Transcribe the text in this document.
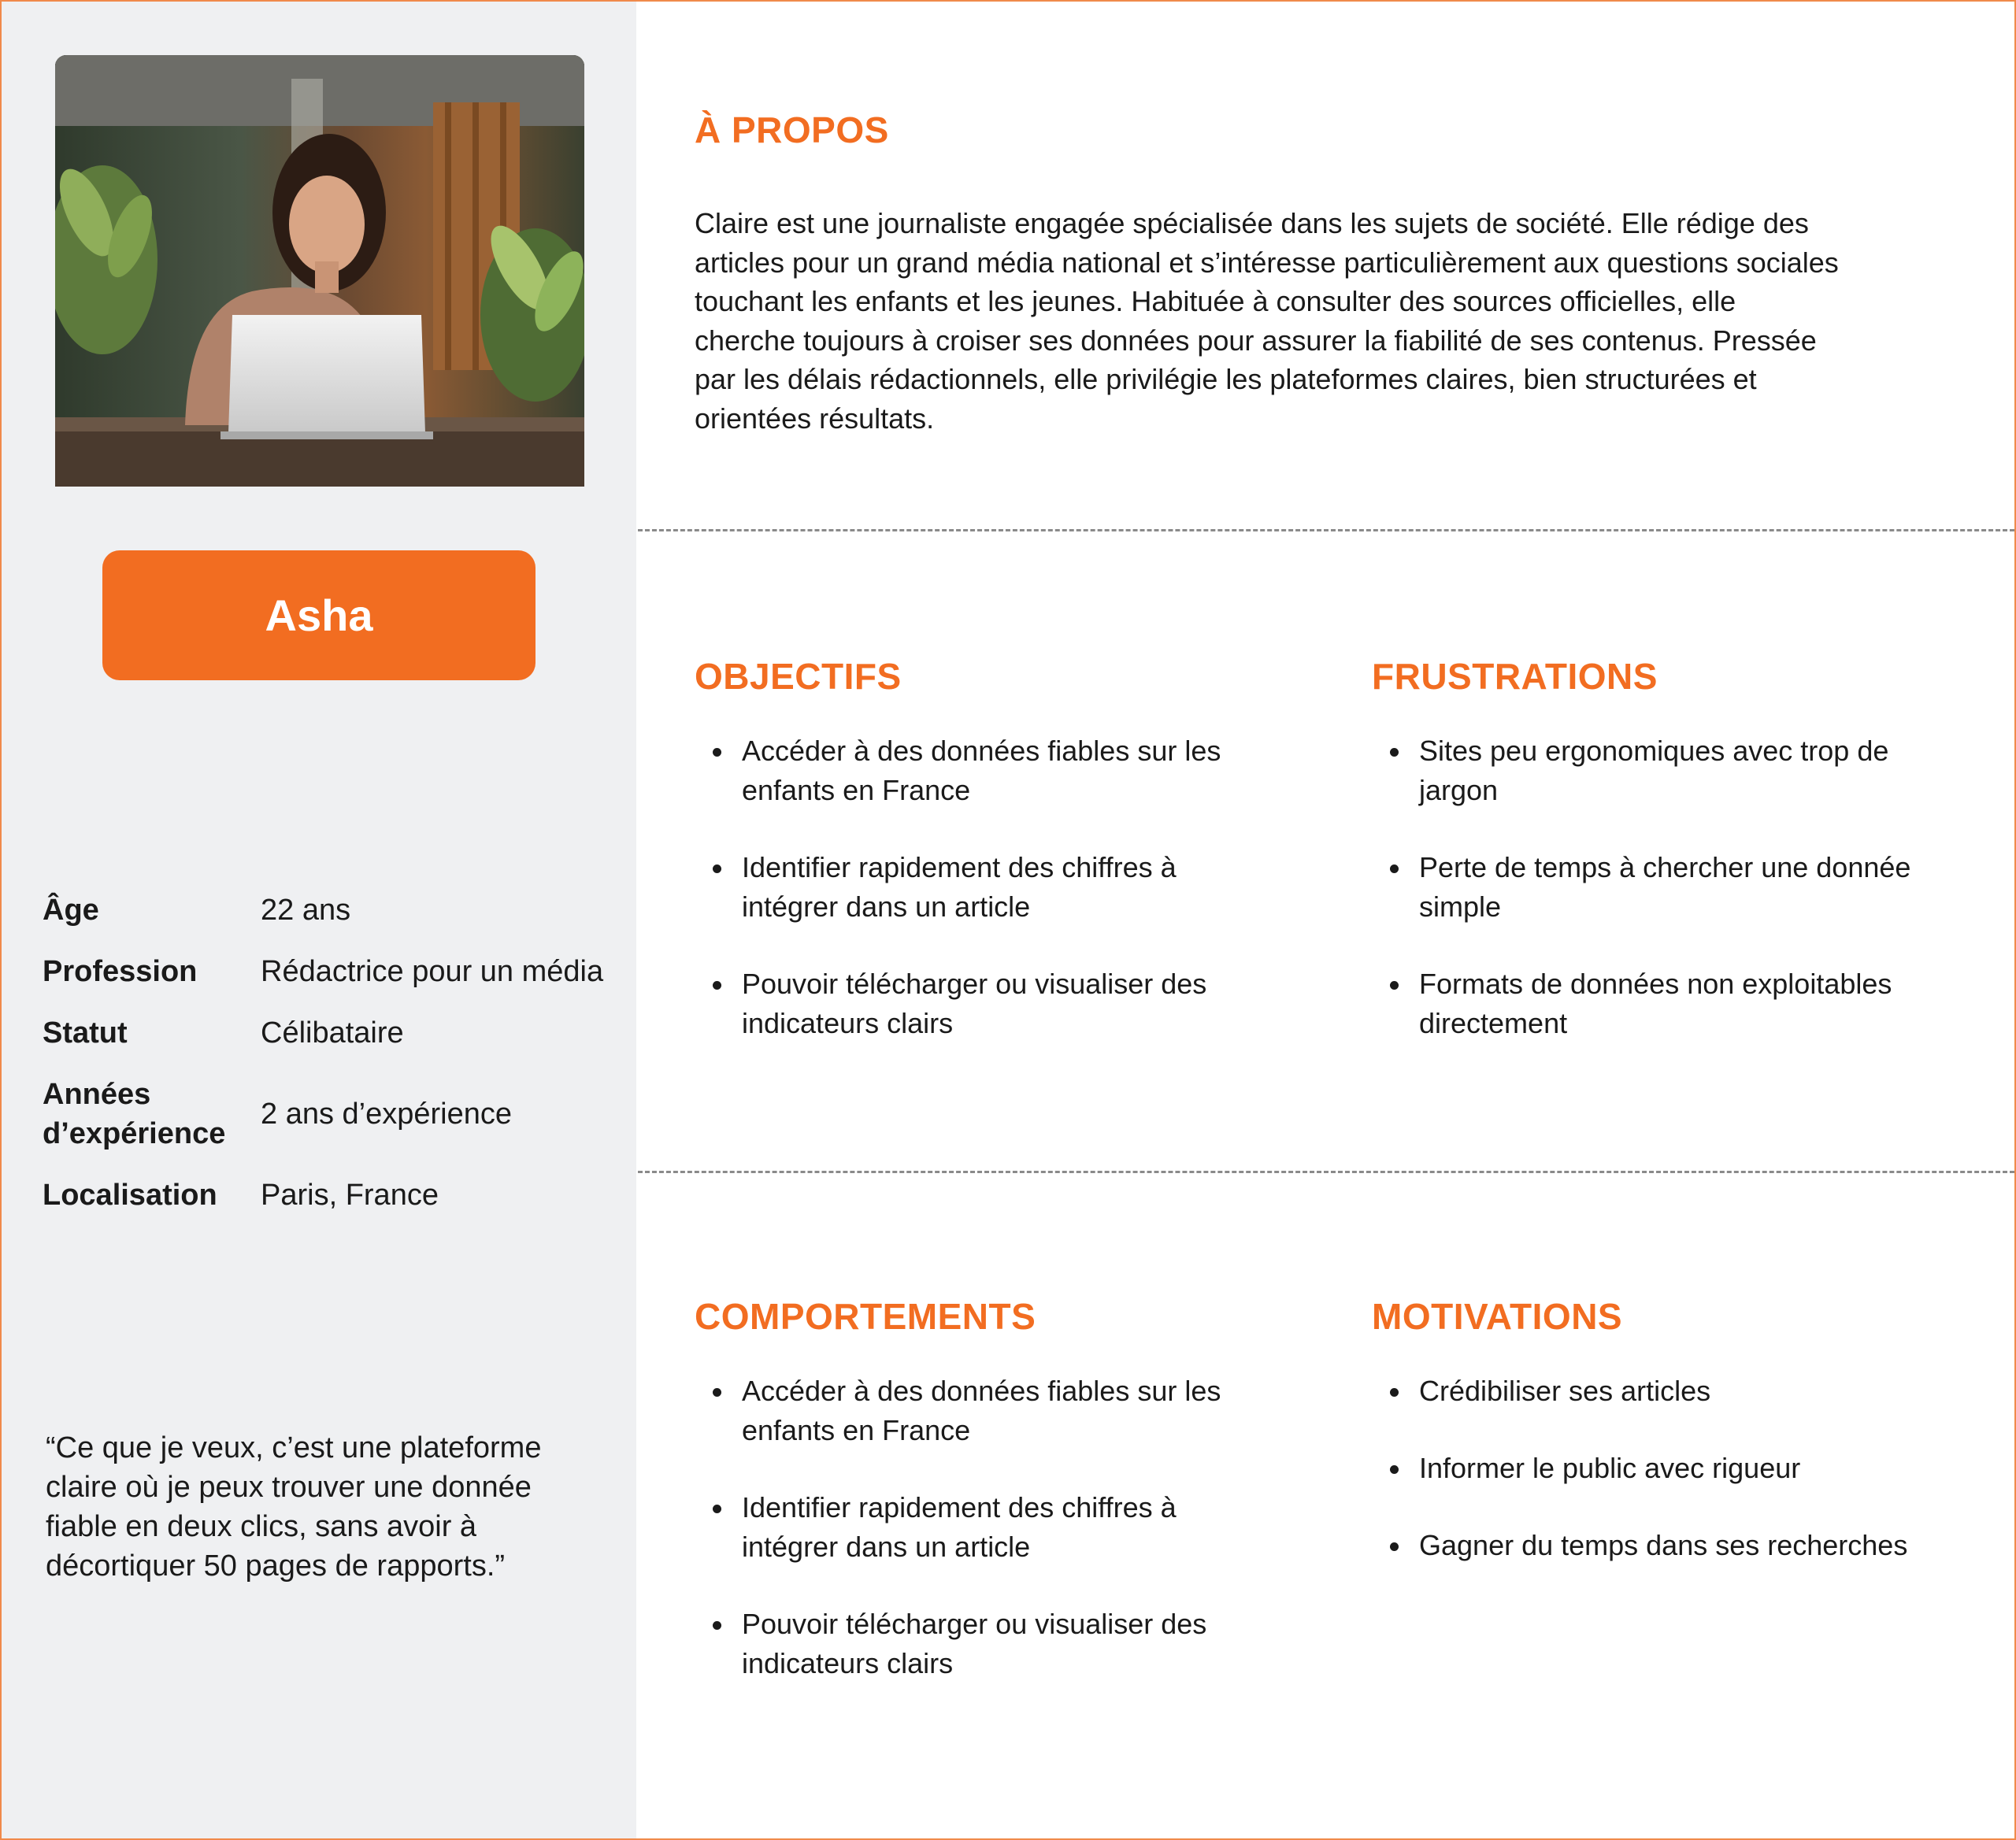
Asha
Âge	22 ans
Profession	Rédactrice pour un média
Statut	Célibataire
Années d’expérience	2 ans d’expérience
Localisation	Paris, France

“Ce que je veux, c’est une plateforme claire où je peux trouver une donnée fiable en deux clics, sans avoir à décortiquer 50 pages de rapports.”

À PROPOS

Claire est une journaliste engagée spécialisée dans les sujets de société. Elle rédige des articles pour un grand média national et s’intéresse particulièrement aux questions sociales touchant les enfants et les jeunes. Habituée à consulter des sources officielles, elle cherche toujours à croiser ses données pour assurer la fiabilité de ses contenus. Pressée par les délais rédactionnels, elle privilégie les plateformes claires, bien structurées et orientées résultats.

OBJECTIFS
Accéder à des données fiables sur les enfants en France
Identifier rapidement des chiffres à intégrer dans un article
Pouvoir télécharger ou visualiser des indicateurs clairs
FRUSTRATIONS
Sites peu ergonomiques avec trop de jargon
Perte de temps à chercher une donnée simple
Formats de données non exploitables directement
COMPORTEMENTS
Accéder à des données fiables sur les enfants en France
Identifier rapidement des chiffres à intégrer dans un article
Pouvoir télécharger ou visualiser des indicateurs clairs
MOTIVATIONS
Crédibiliser ses articles
Informer le public avec rigueur
Gagner du temps dans ses recherches
